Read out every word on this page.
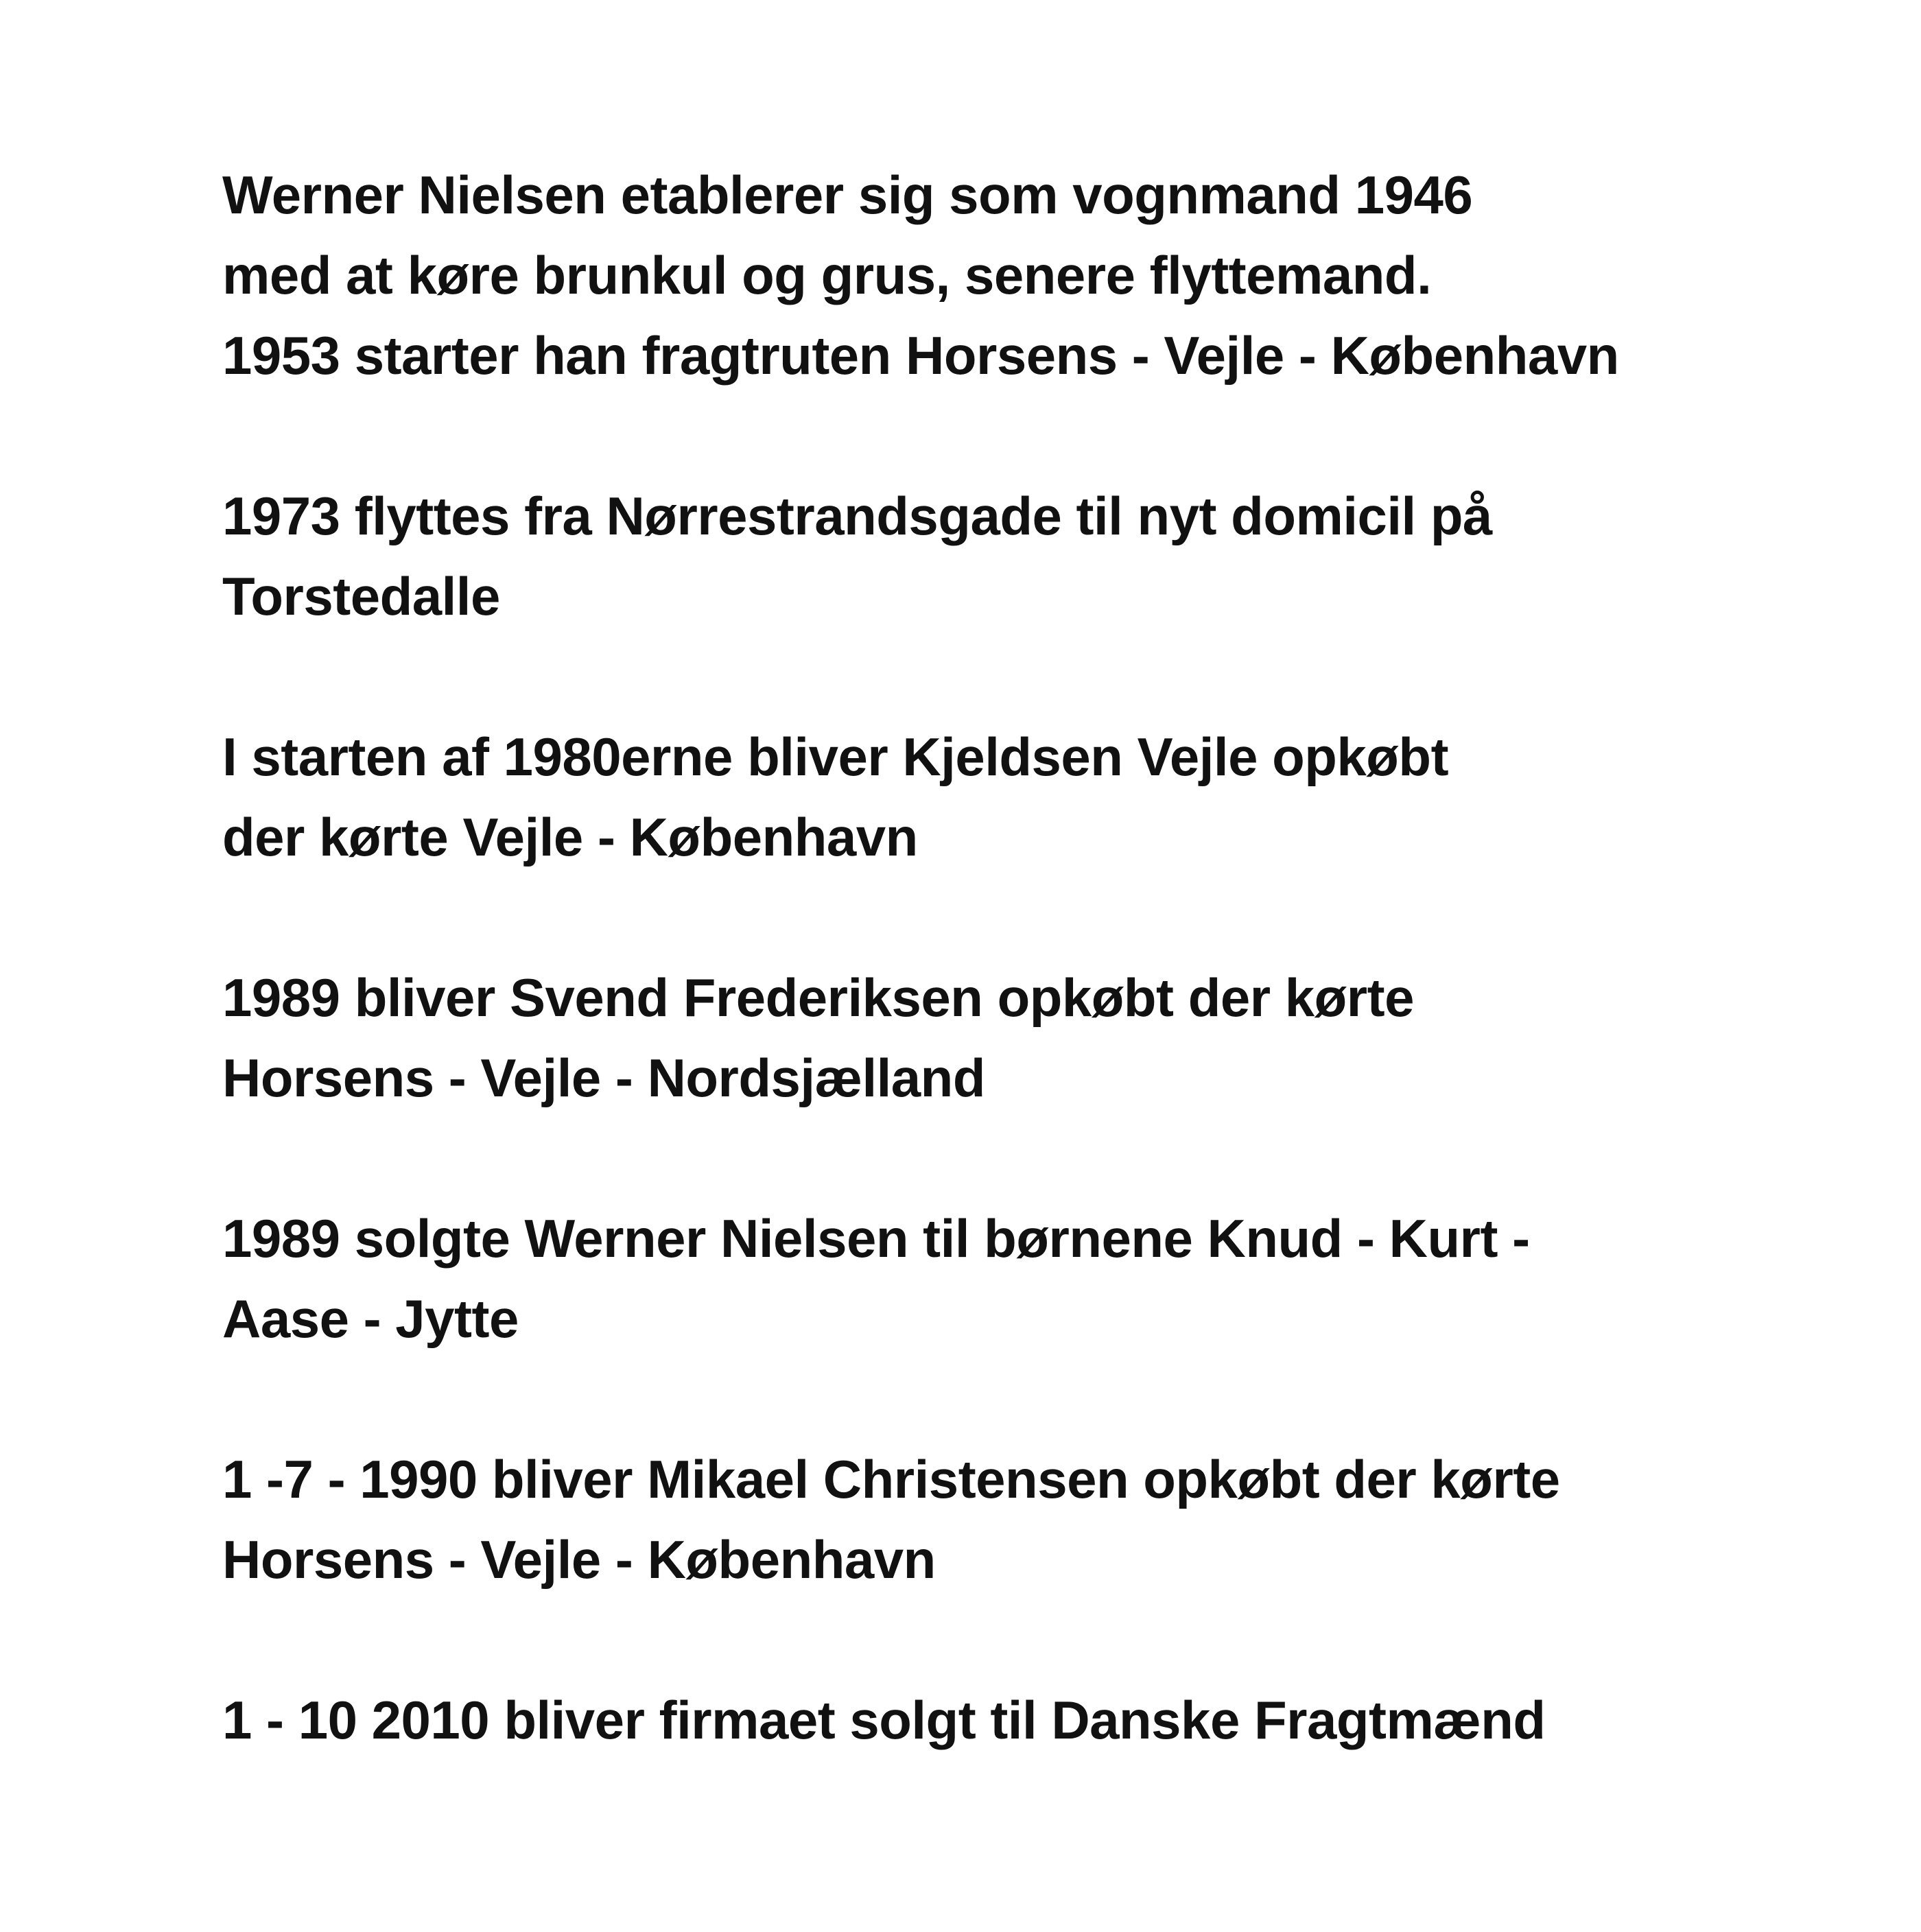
Werner Nielsen etablerer sig som vognmand 1946
med at køre brunkul og grus, senere flyttemand.
1953 starter han fragtruten Horsens - Vejle - København

1973 flyttes fra Nørrestrandsgade til nyt domicil på
Torstedalle

I starten af 1980erne bliver Kjeldsen Vejle opkøbt
der kørte Vejle - København

1989 bliver Svend Frederiksen opkøbt der kørte
Horsens - Vejle - Nordsjælland

1989 solgte Werner Nielsen til børnene Knud - Kurt -
Aase - Jytte

1 -7 - 1990 bliver Mikael Christensen opkøbt der kørte
Horsens - Vejle - København

1 - 10 2010 bliver firmaet solgt til Danske Fragtmænd
